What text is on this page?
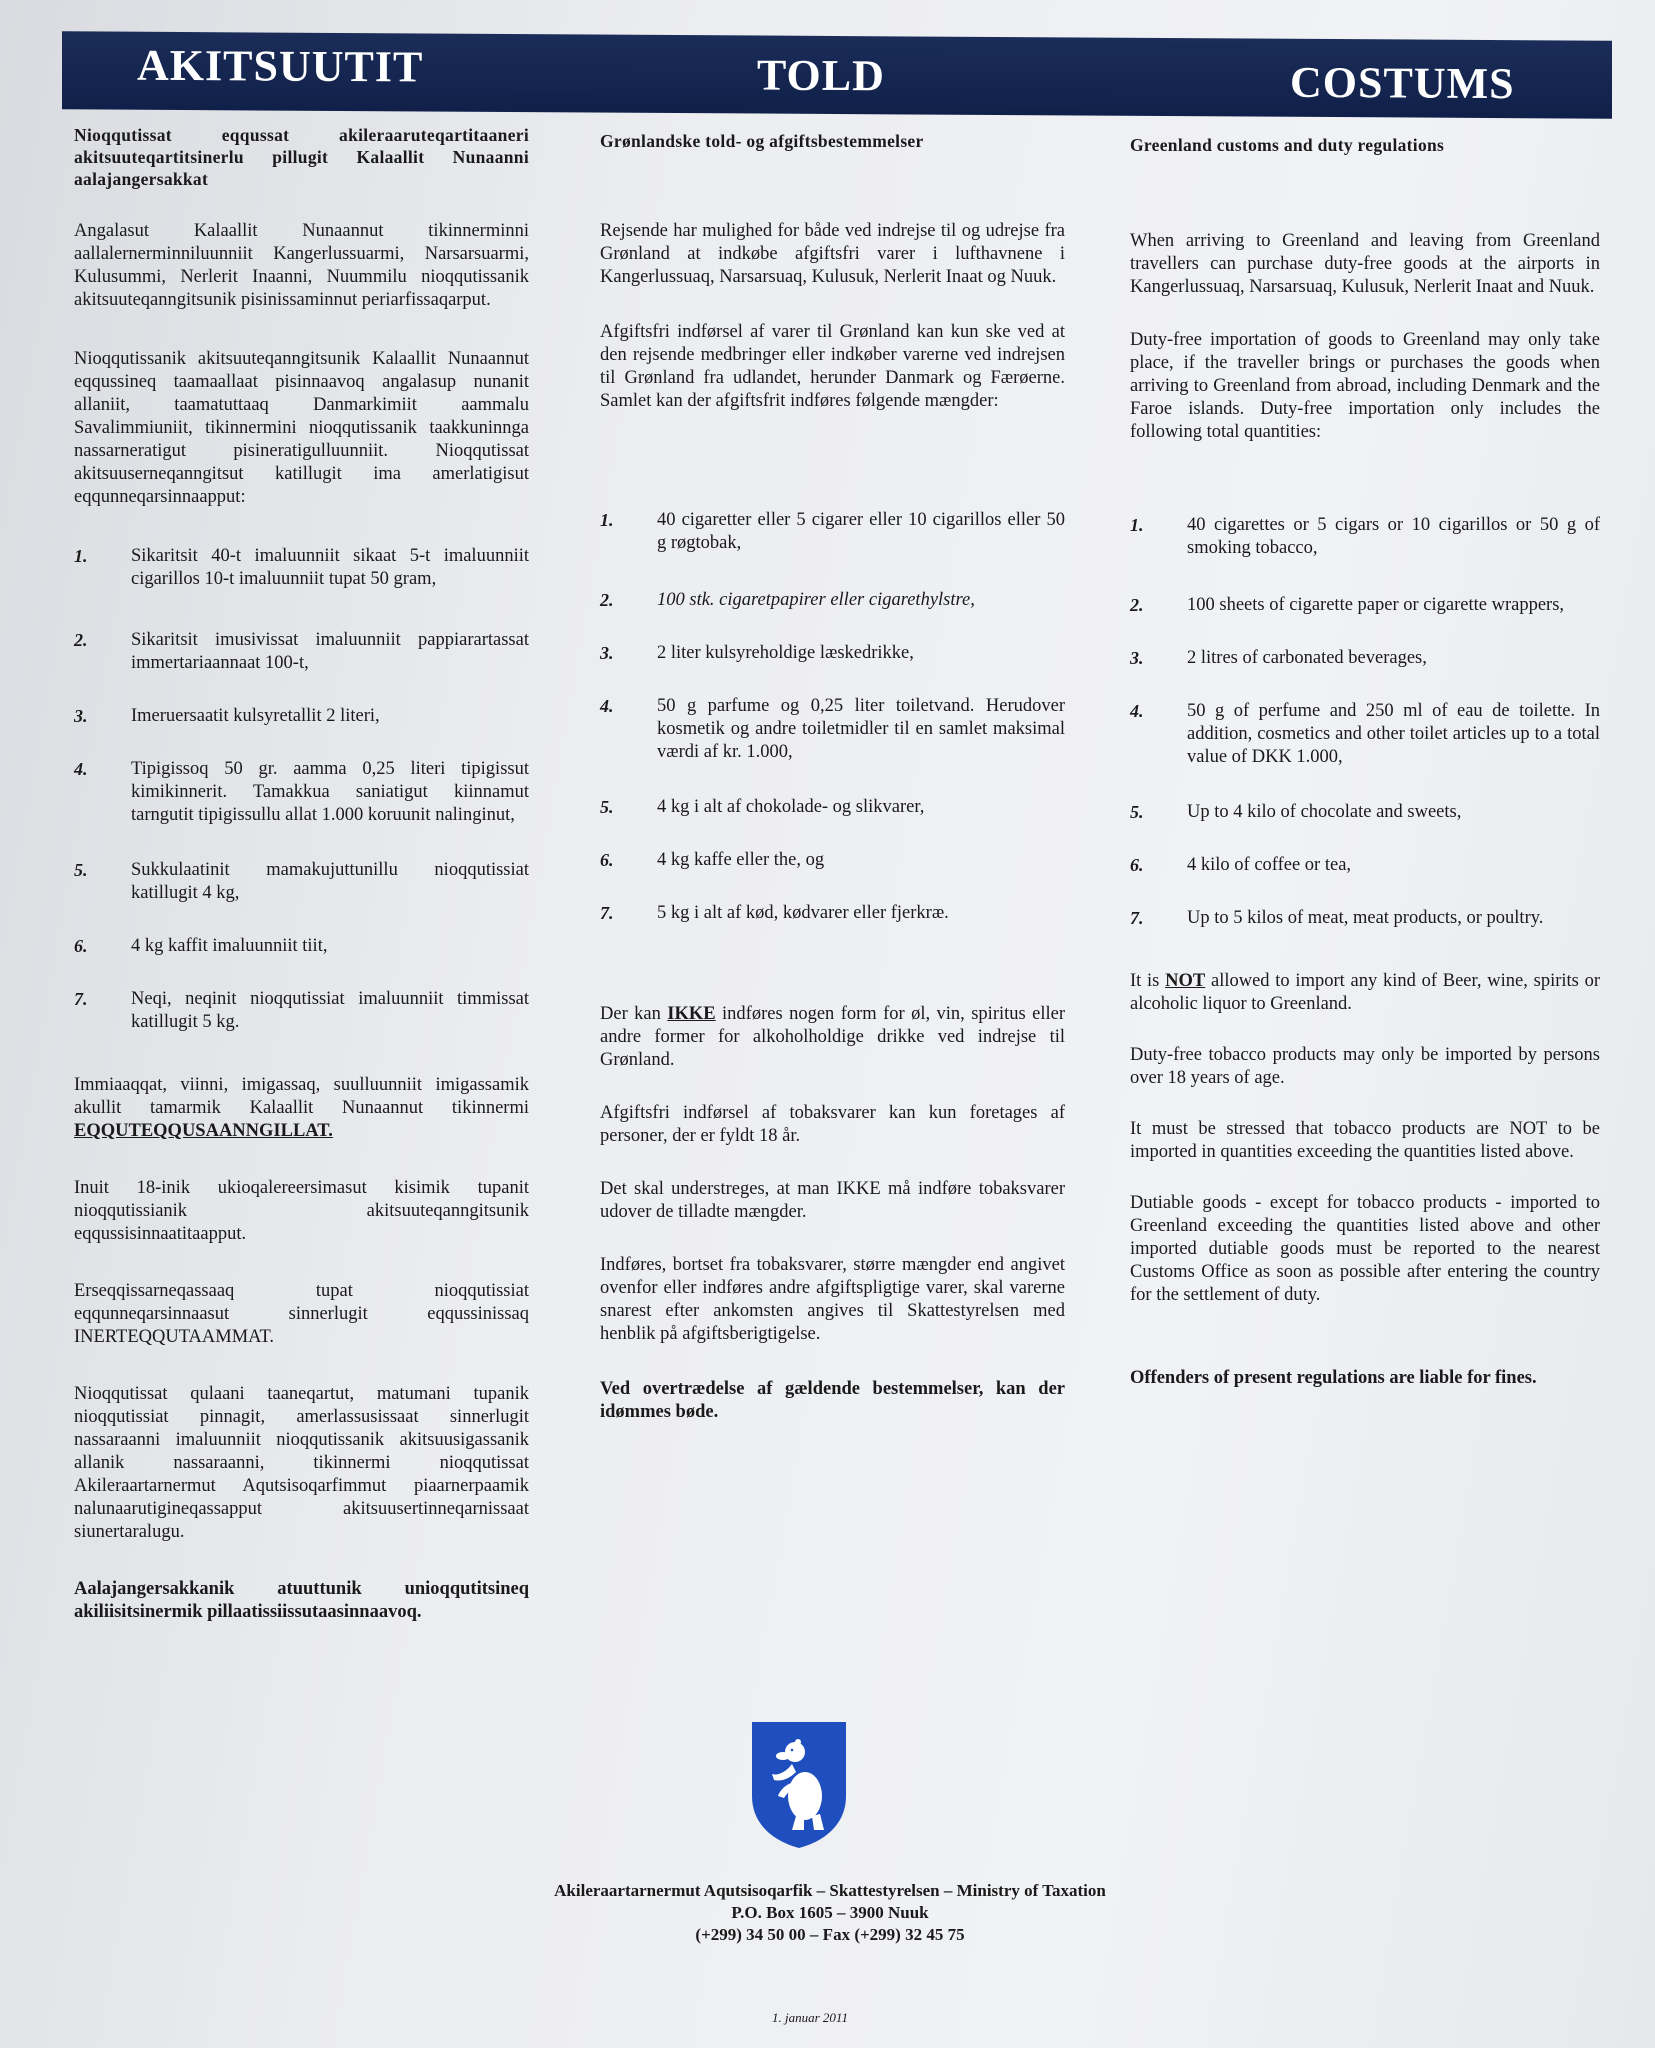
AKITSUUTIT	TOLD	COSTUMS

Nioqqutissat eqqussat akileraaruteqartitaaneri akitsuuteqartitsinerlu pillugit Kalaallit Nunaanni aalajangersakkat

Angalasut Kalaallit Nunaannut tikinnerminni aallalernerminniluunniit Kangerlussuarmi, Narsarsuarmi, Kulusummi, Nerlerit Inaanni, Nuummilu nioqqutissanik akitsuuteqanngitsunik pisinissaminnut periarfissaqarput.

Nioqqutissanik akitsuuteqanngitsunik Kalaallit Nunaannut eqqussineq taamaallaat pisinnaavoq angalasup nunanit allaniit, taamatuttaaq Danmarkimiit aammalu Savalimmiuniit, tikinnermini nioqqutissanik taakkuninnga nassarneratigut pisineratigulluunniit. Nioqqutissat akitsuuserneqanngitsut katillugit ima amerlatigisut eqqunneqarsinnaapput:

1. Sikaritsit 40-t imaluunniit sikaat 5-t imaluunniit cigarillos 10-t imaluunniit tupat 50 gram,
2. Sikaritsit imusivissat imaluunniit pappiarartassat immertariaannaat 100-t,
3. Imeruersaatit kulsyretallit 2 literi,
4. Tipigissoq 50 gr. aamma 0,25 literi tipigissut kimikinnerit. Tamakkua saniatigut kiinnamut tarngutit tipigissullu allat 1.000 koruunit nalinginut,
5. Sukkulaatinit mamakujuttunillu nioqqutissiat katillugit 4 kg,
6. 4 kg kaffit imaluunniit tiit,
7. Neqi, neqinit nioqqutissiat imaluunniit timmissat katillugit 5 kg.

Immiaaqqat, viinni, imigassaq, suulluunniit imigassamik akullit tamarmik Kalaallit Nunaannut tikinnermi EQQUTEQQUSAANNGILLAT.

Inuit 18-inik ukioqalereersimasut kisimik tupanit nioqqutissianik akitsuuteqanngitsunik eqqussisinnaatitaapput.

Erseqqissarneqassaaq tupat nioqqutissiat eqqunneqarsinnaasut sinnerlugit eqqussinissaq INERTEQQUTAAMMAT.

Nioqqutissat qulaani taaneqartut, matumani tupanik nioqqutissiat pinnagit, amerlassusissaat sinnerlugit nassaraanni imaluunniit nioqqutissanik akitsuusigassanik allanik nassaraanni, tikinnermi nioqqutissat Akileraartarnermut Aqutsisoqarfimmut piaarnerpaamik nalunaarutigineqassapput akitsuusertinneqarnissaat siunertaralugu.

Aalajangersakkanik atuuttunik unioqqutitsineq akiliisitsinermik pillaatissiissutaasinnaavoq.

Grønlandske told- og afgiftsbestemmelser

Rejsende har mulighed for både ved indrejse til og udrejse fra Grønland at indkøbe afgiftsfri varer i lufthavnene i Kangerlussuaq, Narsarsuaq, Kulusuk, Nerlerit Inaat og Nuuk.

Afgiftsfri indførsel af varer til Grønland kan kun ske ved at den rejsende medbringer eller indkøber varerne ved indrejsen til Grønland fra udlandet, herunder Danmark og Færøerne. Samlet kan der afgiftsfrit indføres følgende mængder:

1. 40 cigaretter eller 5 cigarer eller 10 cigarillos eller 50 g røgtobak,
2. 100 stk. cigaretpapirer eller cigarethylstre,
3. 2 liter kulsyreholdige læskedrikke,
4. 50 g parfume og 0,25 liter toiletvand. Herudover kosmetik og andre toiletmidler til en samlet maksimal værdi af kr. 1.000,
5. 4 kg i alt af chokolade- og slikvarer,
6. 4 kg kaffe eller the, og
7. 5 kg i alt af kød, kødvarer eller fjerkræ.

Der kan IKKE indføres nogen form for øl, vin, spiritus eller andre former for alkoholholdige drikke ved indrejse til Grønland.

Afgiftsfri indførsel af tobaksvarer kan kun foretages af personer, der er fyldt 18 år.

Det skal understreges, at man IKKE må indføre tobaksvarer udover de tilladte mængder.

Indføres, bortset fra tobaksvarer, større mængder end angivet ovenfor eller indføres andre afgiftspligtige varer, skal varerne snarest efter ankomsten angives til Skattestyrelsen med henblik på afgiftsberigtigelse.

Ved overtrædelse af gældende bestemmelser, kan der idømmes bøde.

Greenland customs and duty regulations

When arriving to Greenland and leaving from Greenland travellers can purchase duty-free goods at the airports in Kangerlussuaq, Narsarsuaq, Kulusuk, Nerlerit Inaat and Nuuk.

Duty-free importation of goods to Greenland may only take place, if the traveller brings or purchases the goods when arriving to Greenland from abroad, including Denmark and the Faroe islands. Duty-free importation only includes the following total quantities:

1. 40 cigarettes or 5 cigars or 10 cigarillos or 50 g of smoking tobacco,
2. 100 sheets of cigarette paper or cigarette wrappers,
3. 2 litres of carbonated beverages,
4. 50 g of perfume and 250 ml of eau de toilette. In addition, cosmetics and other toilet articles up to a total value of DKK 1.000,
5. Up to 4 kilo of chocolate and sweets,
6. 4 kilo of coffee or tea,
7. Up to 5 kilos of meat, meat products, or poultry.

It is NOT allowed to import any kind of Beer, wine, spirits or alcoholic liquor to Greenland.

Duty-free tobacco products may only be imported by persons over 18 years of age.

It must be stressed that tobacco products are NOT to be imported in quantities exceeding the quantities listed above.

Dutiable goods - except for tobacco products - imported to Greenland exceeding the quantities listed above and other imported dutiable goods must be reported to the nearest Customs Office as soon as possible after entering the country for the settlement of duty.

Offenders of present regulations are liable for fines.

Akileraartarnermut Aqutsisoqarfik – Skattestyrelsen – Ministry of Taxation
P.O. Box 1605 – 3900 Nuuk
(+299) 34 50 00 – Fax (+299) 32 45 75
1. januar 2011
